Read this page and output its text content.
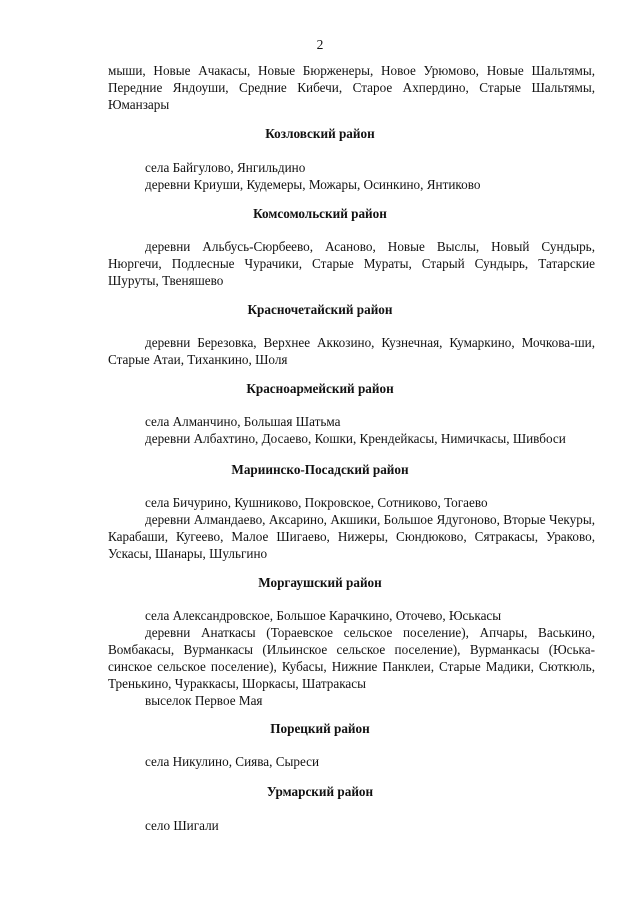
2

мыши, Новые Ачакасы, Новые Бюрженеры, Новое Урюмово, Новые Шальтямы, Передние Яндоуши, Средние Кибечи, Старое Ахпердино, Старые Шальтямы, Юманзары

Козловский район

села Байгулово, Янгильдино

деревни Криуши, Кудемеры, Можары, Осинкино, Янтиково

Комсомольский район

деревни Альбусь-Сюрбеево, Асаново, Новые Выслы, Новый Сундырь, Нюргечи, Подлесные Чурачики, Старые Мураты, Старый Сундырь, Татарские Шуруты, Твеняшево

Красночетайский район

деревни Березовка, Верхнее Аккозино, Кузнечная, Кумаркино, Мочкова-ши, Старые Атаи, Тиханкино, Шоля

Красноармейский район

села Алманчино, Большая Шатьма

деревни Албахтино, Досаево, Кошки, Крендейкасы, Нимичкасы, Шивбоси

Мариинско-Посадский район

села Бичурино, Кушниково, Покровское, Сотниково, Тогаево

деревни Алмандаево, Аксарино, Акшики, Большое Ядугоново, Вторые Чекуры, Карабаши, Кугеево, Малое Шигаево, Нижеры, Сюндюково, Сятракасы, Ураково, Ускасы, Шанары, Шульгино

Моргаушский район

села Александровское, Большое Карачкино, Оточево, Юськасы

деревни Анаткасы (Тораевское сельское поселение), Апчары, Васькино, Вомбакасы, Вурманкасы (Ильинское сельское поселение), Вурманкасы (Юська-синское сельское поселение), Кубасы, Нижние Панклеи, Старые Мадики, Сюткюль, Тренькино, Чураккасы, Шоркасы, Шатракасы

выселок Первое Мая

Порецкий район

села Никулино, Сиява, Сыреси

Урмарский район

село Шигали
